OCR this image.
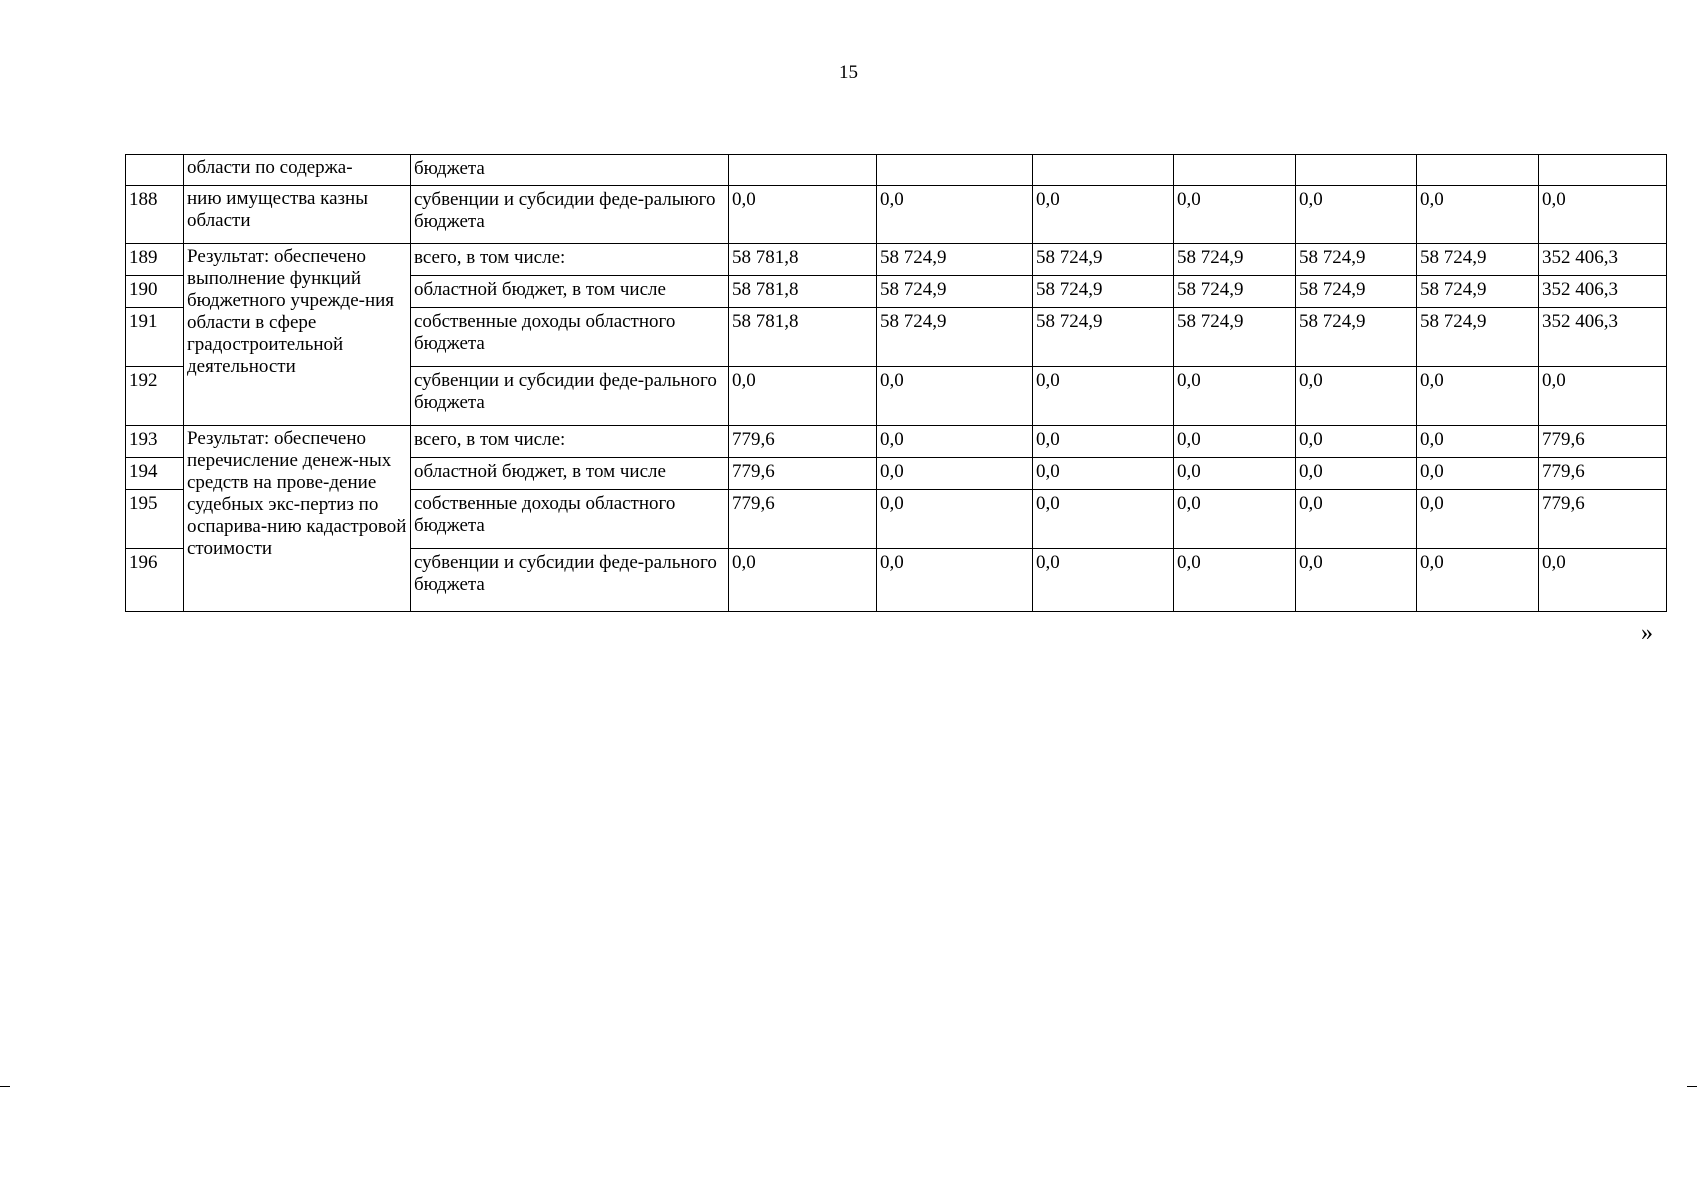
15
	области по содержа-	бюджета							
188	нию имущества казны области	субвенции и субсидии феде-ралыюго бюджета	0,0	0,0	0,0	0,0	0,0	0,0	0,0
189	Результат: обеспечено выполнение функций бюджетного учрежде-ния области в сфере градостроительной деятельности	всего, в том числе:	58 781,8	58 724,9	58 724,9	58 724,9	58 724,9	58 724,9	352 406,3
190		областной бюджет, в том числе	58 781,8	58 724,9	58 724,9	58 724,9	58 724,9	58 724,9	352 406,3
191		собственные доходы областного бюджета	58 781,8	58 724,9	58 724,9	58 724,9	58 724,9	58 724,9	352 406,3
192		субвенции и субсидии феде-рального бюджета	0,0	0,0	0,0	0,0	0,0	0,0	0,0
193	Результат: обеспечено перечисление денеж-ных средств на прове-дение судебных экс-пертиз по оспарива-нию кадастровой стоимости	всего, в том числе:	779,6	0,0	0,0	0,0	0,0	0,0	779,6
194		областной бюджет, в том числе	779,6	0,0	0,0	0,0	0,0	0,0	779,6
195		собственные доходы областного бюджета	779,6	0,0	0,0	0,0	0,0	0,0	779,6
196		субвенции и субсидии феде-рального бюджета	0,0	0,0	0,0	0,0	0,0	0,0	0,0
»
